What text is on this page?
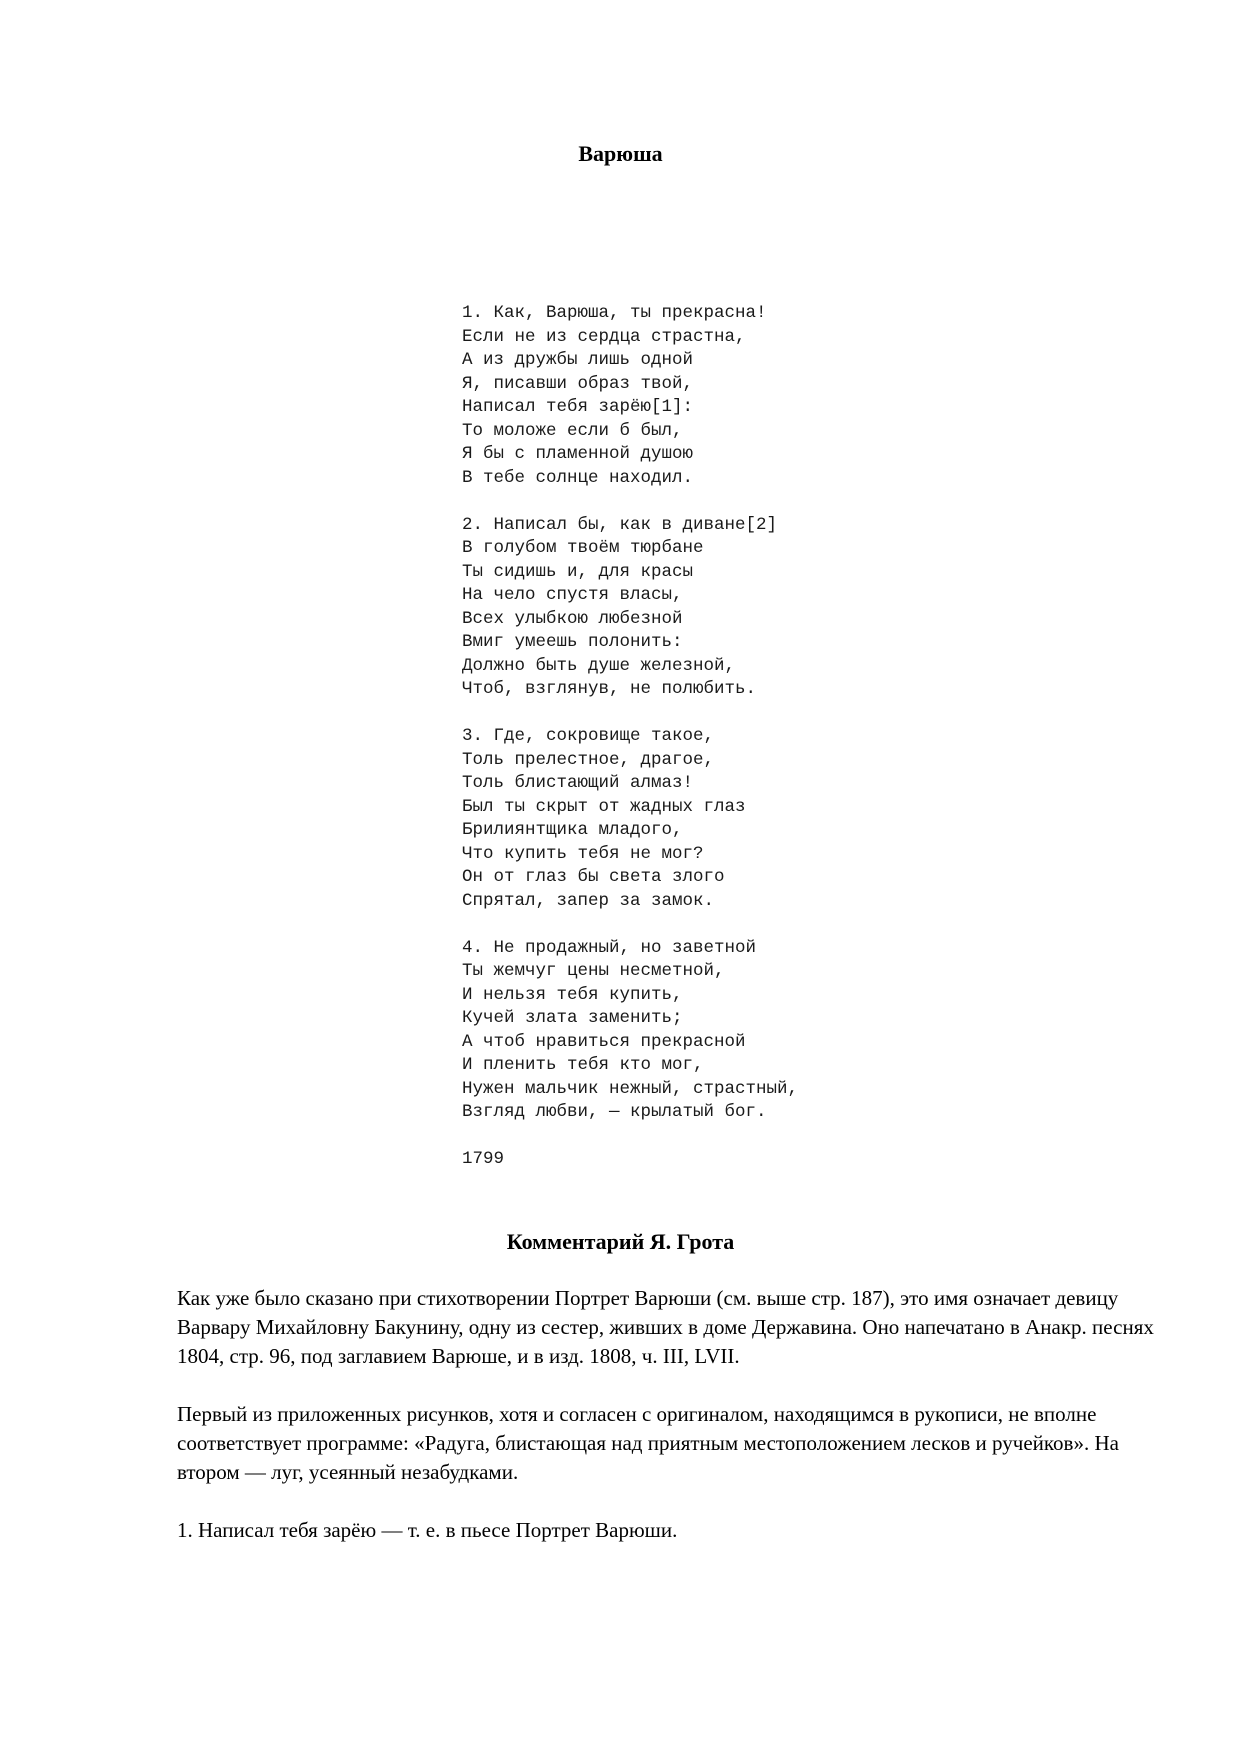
Варюша
1. Как, Варюша, ты прекрасна!
Если не из сердца страстна,
А из дружбы лишь одной
Я, писавши образ твой,
Написал тебя зарёю[1]:
То моложе если б был,
Я бы с пламенной душою
В тебе солнце находил.
2. Написал бы, как в диване[2]
В голубом твоём тюрбане
Ты сидишь и, для красы
На чело спустя власы,
Всех улыбкою любезной
Вмиг умеешь полонить:
Должно быть душе железной,
Чтоб, взглянув, не полюбить.
3. Где, сокровище такое,
Толь прелестное, драгое,
Толь блистающий алмаз!
Был ты скрыт от жадных глаз
Брилиянтщика младого,
Что купить тебя не мог?
Он от глаз бы света злого
Спрятал, запер за замок.
4. Не продажный, но заветной
Ты жемчуг цены несметной,
И нельзя тебя купить,
Кучей злата заменить;
А чтоб нравиться прекрасной
И пленить тебя кто мог,
Нужен мальчик нежный, страстный,
Взгляд любви, — крылатый бог.
1799
Комментарий Я. Грота

Как уже было сказано при стихотворении Портрет Варюши (см. выше стр. 187), это имя означает девицу Варвару Михайловну Бакунину, одну из сестер, живших в доме Державина. Оно напечатано в Анакр. песнях 1804, стр. 96, под заглавием Варюше, и в изд. 1808, ч. III, LVII.

Первый из приложенных рисунков, хотя и согласен с оригиналом, находящимся в рукописи, не вполне соответствует программе: «Радуга, блистающая над приятным местоположением лесков и ручейков». На втором — луг, усеянный незабудками.

1. Написал тебя зарёю — т. е. в пьесе Портрет Варюши.
